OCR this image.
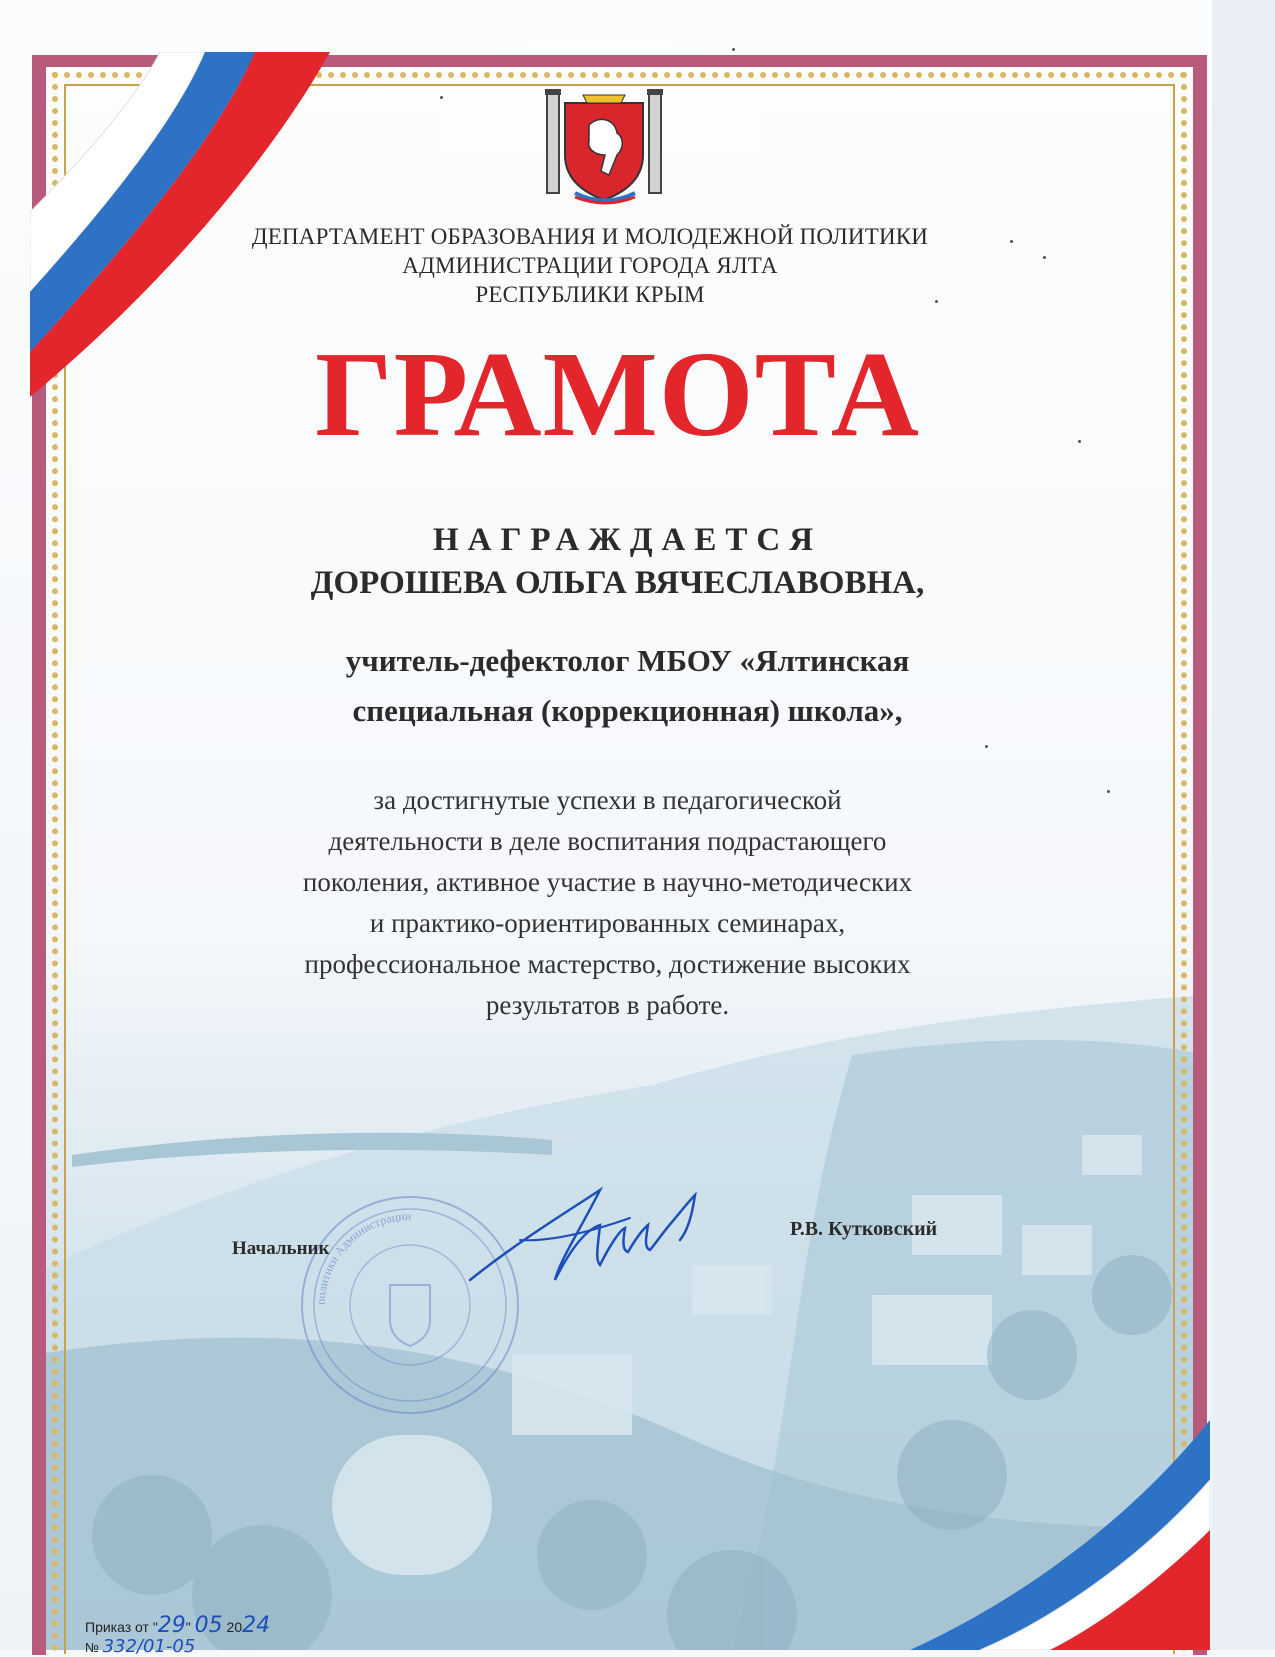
ДЕПАРТАМЕНТ ОБРАЗОВАНИЯ И МОЛОДЕЖНОЙ ПОЛИТИКИ
АДМИНИСТРАЦИИ ГОРОДА ЯЛТА
РЕСПУБЛИКИ КРЫМ
ГРАМОТА
НАГРАЖДАЕТСЯ
ДОРОШЕВА ОЛЬГА ВЯЧЕСЛАВОВНА,
учитель-дефектолог МБОУ «Ялтинская
специальная (коррекционная) школа»,
за достигнутые успехи в педагогической
деятельности в деле воспитания подрастающего
поколения, активное участие в научно-методических
и практико-ориентированных семинарах,
профессиональное мастерство, достижение высоких
результатов в работе.
политики Администрации
Начальник
Р.В. Кутковский
Приказ от "29" 05 2024
№ 332/01-05
